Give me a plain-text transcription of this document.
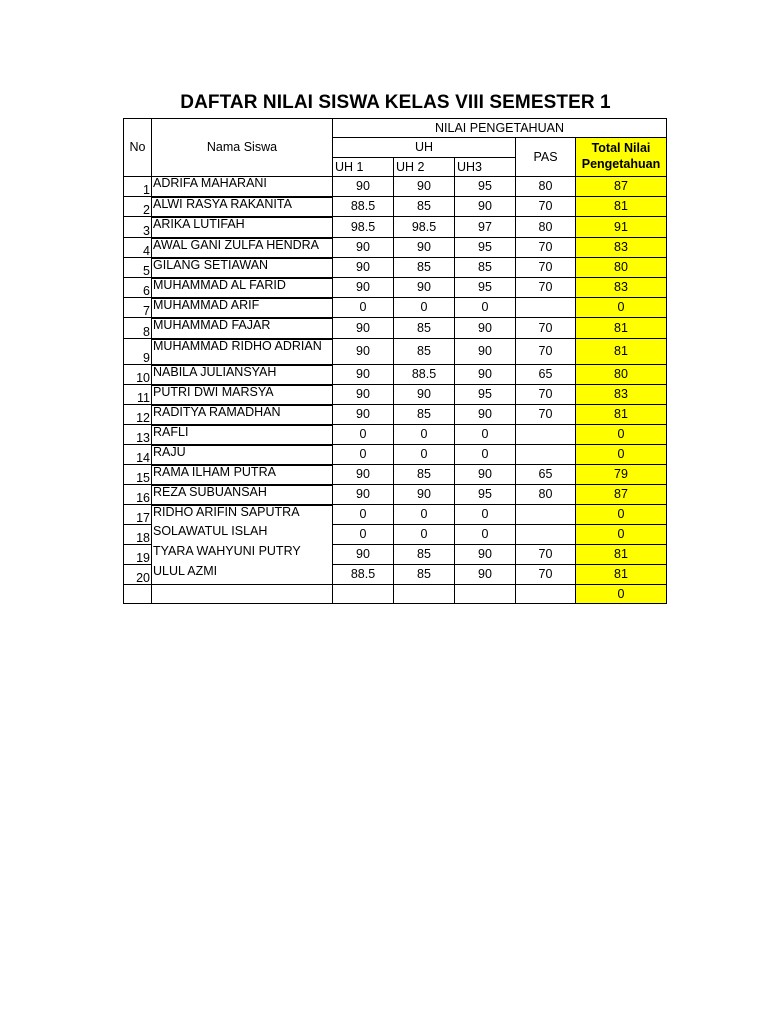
DAFTAR NILAI SISWA KELAS VIII SEMESTER 1
No	Nama Siswa	NILAI PENGETAHUAN				
		UH			PAS	Total Nilai
Pengetahuan

		UH 1	UH 2	UH3		
1	ADRIFA MAHARANI	90	90	95	80	87
2	ALWI RASYA RAKANITA	88.5	85	90	70	81
3	ARIKA LUTIFAH	98.5	98.5	97	80	91
4	AWAL GANI ZULFA HENDRA	90	90	95	70	83
5	GILANG SETIAWAN	90	85	85	70	80
6	MUHAMMAD AL FARID	90	90	95	70	83
7	MUHAMMAD ARIF	0	0	0		0
8	MUHAMMAD FAJAR	90	85	90	70	81
9	MUHAMMAD RIDHO ADRIAN	90	85	90	70	81
10	NABILA JULIANSYAH	90	88.5	90	65	80
11	PUTRI DWI MARSYA	90	90	95	70	83
12	RADITYA RAMADHAN	90	85	90	70	81
13	RAFLI	0	0	0		0
14	RAJU	0	0	0		0
15	RAMA ILHAM PUTRA	90	85	90	65	79
16	REZA SUBUANSAH	90	90	95	80	87
17	RIDHO ARIFIN SAPUTRA	0	0	0		0
18	SOLAWATUL ISLAH	0	0	0		0
19	TYARA WAHYUNI PUTRY	90	85	90	70	81
20	ULUL AZMI	88.5	85	90	70	81
						0
